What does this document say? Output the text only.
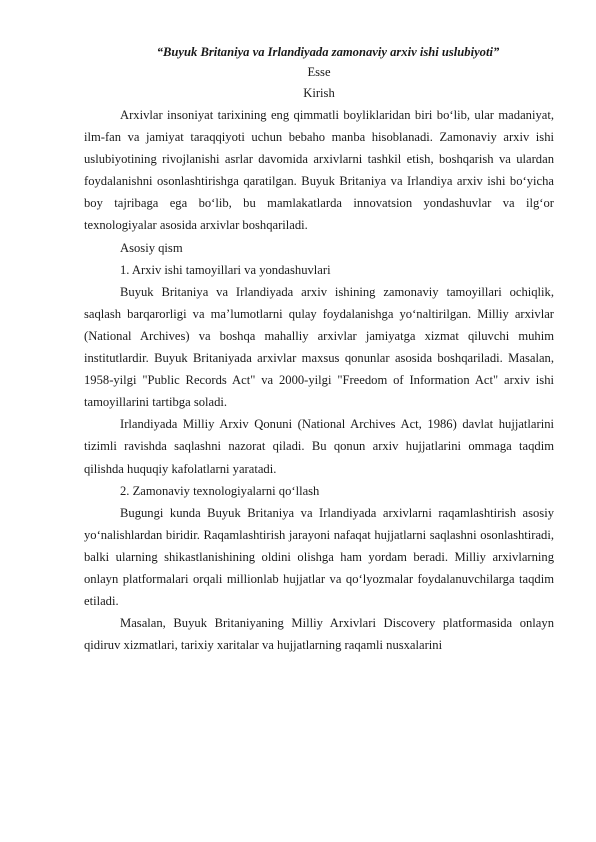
“Buyuk Britaniya va Irlandiyada zamonaviy arxiv ishi uslubiyoti”

Esse

Kirish

Arxivlar insoniyat tarixining eng qimmatli boyliklaridan biri bo‘lib, ular madaniyat, ilm-fan va jamiyat taraqqiyoti uchun bebaho manba hisoblanadi. Zamonaviy arxiv ishi uslubiyotining rivojlanishi asrlar davomida arxivlarni tashkil etish, boshqarish va ulardan foydalanishni osonlashtirishga qaratilgan. Buyuk Britaniya va Irlandiya arxiv ishi bo‘yicha boy tajribaga ega bo‘lib, bu mamlakatlarda innovatsion yondashuvlar va ilg‘or texnologiyalar asosida arxivlar boshqariladi.

Asosiy qism

1. Arxiv ishi tamoyillari va yondashuvlari

Buyuk Britaniya va Irlandiyada arxiv ishining zamonaviy tamoyillari ochiqlik, saqlash barqarorligi va ma’lumotlarni qulay foydalanishga yo‘naltirilgan. Milliy arxivlar (National Archives) va boshqa mahalliy arxivlar jamiyatga xizmat qiluvchi muhim institutlardir. Buyuk Britaniyada arxivlar maxsus qonunlar asosida boshqariladi. Masalan, 1958-yilgi "Public Records Act" va 2000-yilgi "Freedom of Information Act" arxiv ishi tamoyillarini tartibga soladi.

Irlandiyada Milliy Arxiv Qonuni (National Archives Act, 1986) davlat hujjatlarini tizimli ravishda saqlashni nazorat qiladi. Bu qonun arxiv hujjatlarini ommaga taqdim qilishda huquqiy kafolatlarni yaratadi.

2. Zamonaviy texnologiyalarni qo‘llash

Bugungi kunda Buyuk Britaniya va Irlandiyada arxivlarni raqamlashtirish asosiy yo‘nalishlardan biridir. Raqamlashtirish jarayoni nafaqat hujjatlarni saqlashni osonlashtiradi, balki ularning shikastlanishining oldini olishga ham yordam beradi. Milliy arxivlarning onlayn platformalari orqali millionlab hujjatlar va qo‘lyozmalar foydalanuvchilarga taqdim etiladi.

Masalan, Buyuk Britaniyaning Milliy Arxivlari Discovery platformasida onlayn qidiruv xizmatlari, tarixiy xaritalar va hujjatlarning raqamli nusxalarini
